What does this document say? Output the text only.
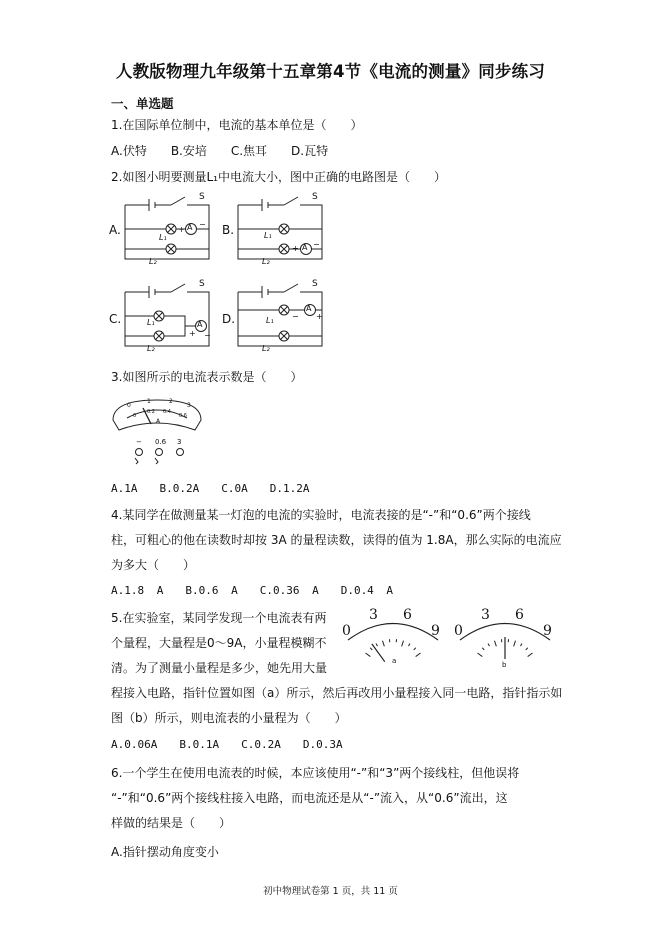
人教版物理九年级第十五章第4节《电流的测量》同步练习
一、单选题
1.在国际单位制中，电流的基本单位是（　　）
A.伏特　　B.安培　　C.焦耳　　D.瓦特
2.如图小明要测量L₁中电流大小，图中正确的电路图是（　　）
A.
S
L₁
L₂
A
+
− B.
S
L₁
L₂
A
+ −
C.
S
L₁
L₂
A
+ −
D.
S
L₁
L₂
A
− +
3.如图所示的电流表示数是（　　）
0
1	2
3
0
0.2 0.4
0.6
A
− 0.6 3
A.1A　　B.0.2A　　C.0A　　D.1.2A
4.某同学在做测量某一灯泡的电流的实验时，电流表接的是“-”和“0.6”两个接线
柱，可粗心的他在读数时却按 3A 的量程读数，读得的值为 1.8A，那么实际的电流应
为多大（　　）
A.1.8 A　　B.0.6 A　　C.0.36 A　　D.0.4 A
5.在实验室，某同学发现一个电流表有两
个量程，大量程是0～9A，小量程模糊不
清。为了测量小量程是多少，她先用大量
程接入电路，指针位置如图（a）所示，然后再改用小量程接入同一电路，指针指示如
图（b）所示，则电流表的小量程为（　　）
A.0.06A　　B.0.1A　　C.0.2A　　D.0.3A
0
3 6
9
a
0
3 6
9
b
6.一个学生在使用电流表的时候，本应该使用“-”和“3”两个接线柱，但他误将
“-”和“0.6”两个接线柱接入电路，而电流还是从“-”流入，从“0.6”流出，这
样做的结果是（　　）
A.指针摆动角度变小
初中物理试卷第 1 页，共 11 页
